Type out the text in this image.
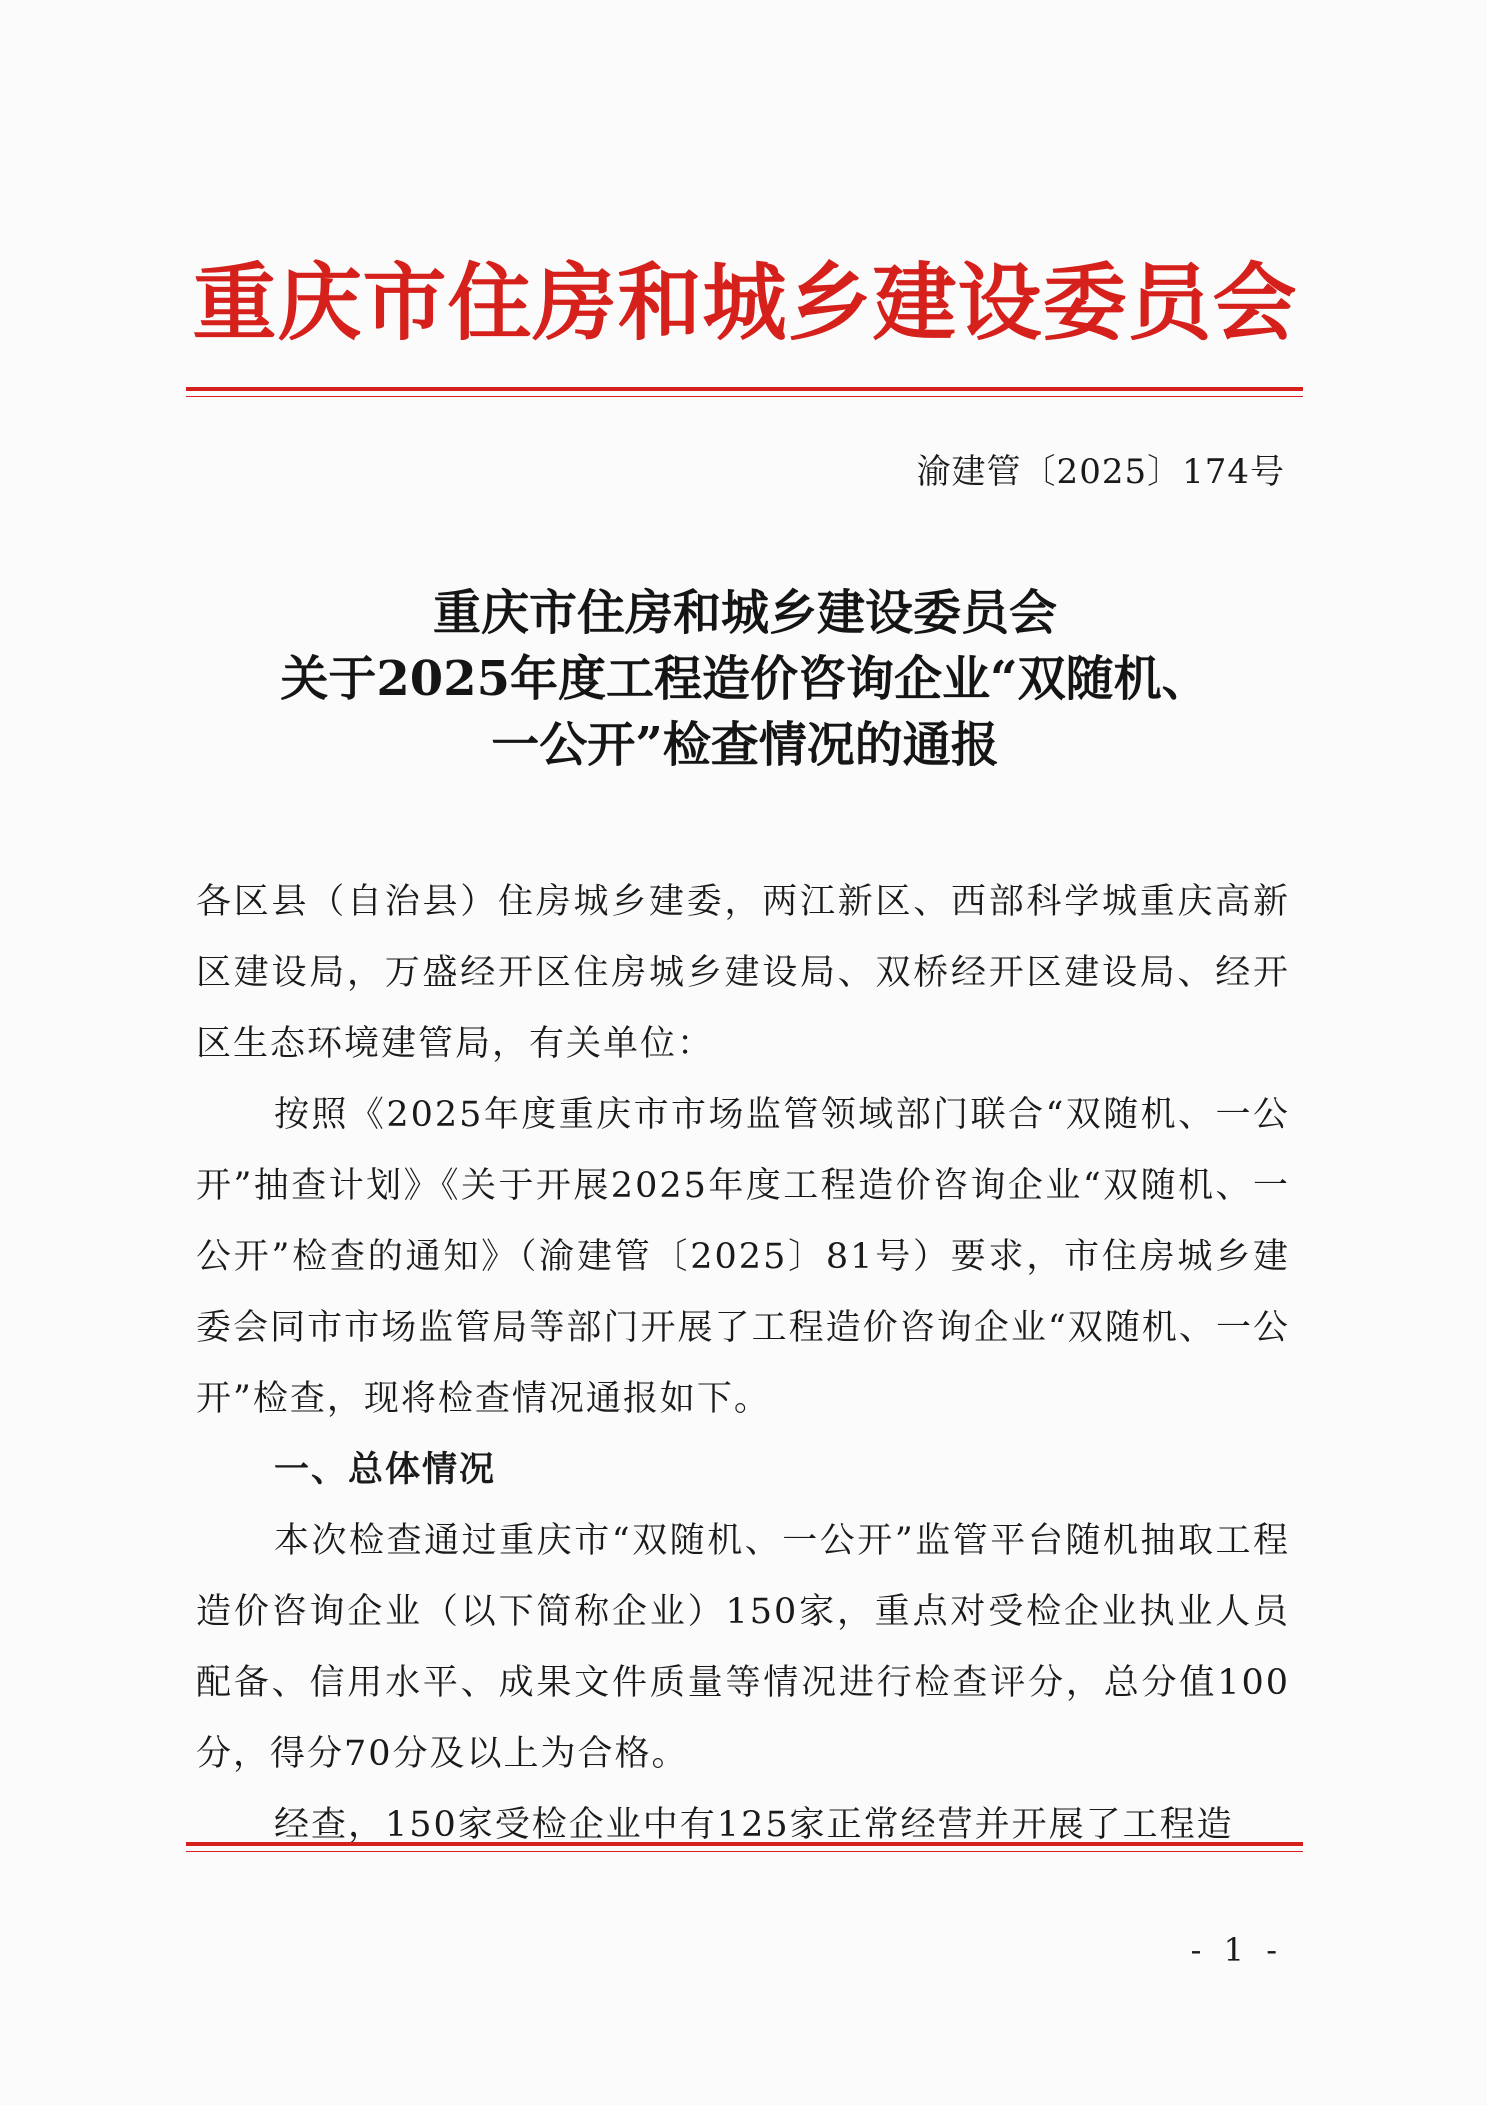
重庆市住房和城乡建设委员会
渝建管〔2025〕174号
重庆市住房和城乡建设委员会
关于2025年度工程造价咨询企业“双随机、
一公开”检查情况的通报

各区县（自治县）住房城乡建委，两江新区、西部科学城重庆高新区建设局，万盛经开区住房城乡建设局、双桥经开区建设局、经开区生态环境建管局，有关单位：

按照《2025年度重庆市市场监管领域部门联合“双随机、一公开”抽查计划》《关于开展2025年度工程造价咨询企业“双随机、一公开”检查的通知》（渝建管〔2025〕81号）要求，市住房城乡建委会同市市场监管局等部门开展了工程造价咨询企业“双随机、一公开”检查，现将检查情况通报如下。

一、总体情况

本次检查通过重庆市“双随机、一公开”监管平台随机抽取工程造价咨询企业（以下简称企业）150家，重点对受检企业执业人员配备、信用水平、成果文件质量等情况进行检查评分，总分值100分，得分70分及以上为合格。

经查，150家受检企业中有125家正常经营并开展了工程造

- 1 -
